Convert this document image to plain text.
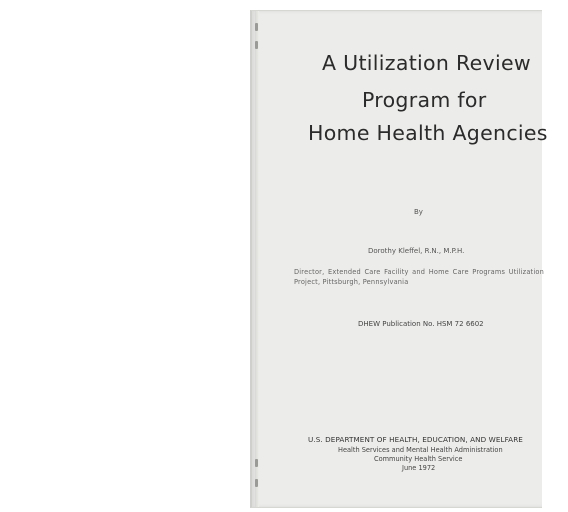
A Utilization Review
Program for
Home Health Agencies
By
Dorothy Kleffel, R.N., M.P.H.
Director, Extended Care Facility and Home Care Programs Utilization Project, Pittsburgh, Pennsylvania
DHEW Publication No. HSM 72 6602
U.S. DEPARTMENT OF HEALTH, EDUCATION, AND WELFARE
Health Services and Mental Health Administration
Community Health Service
June 1972
